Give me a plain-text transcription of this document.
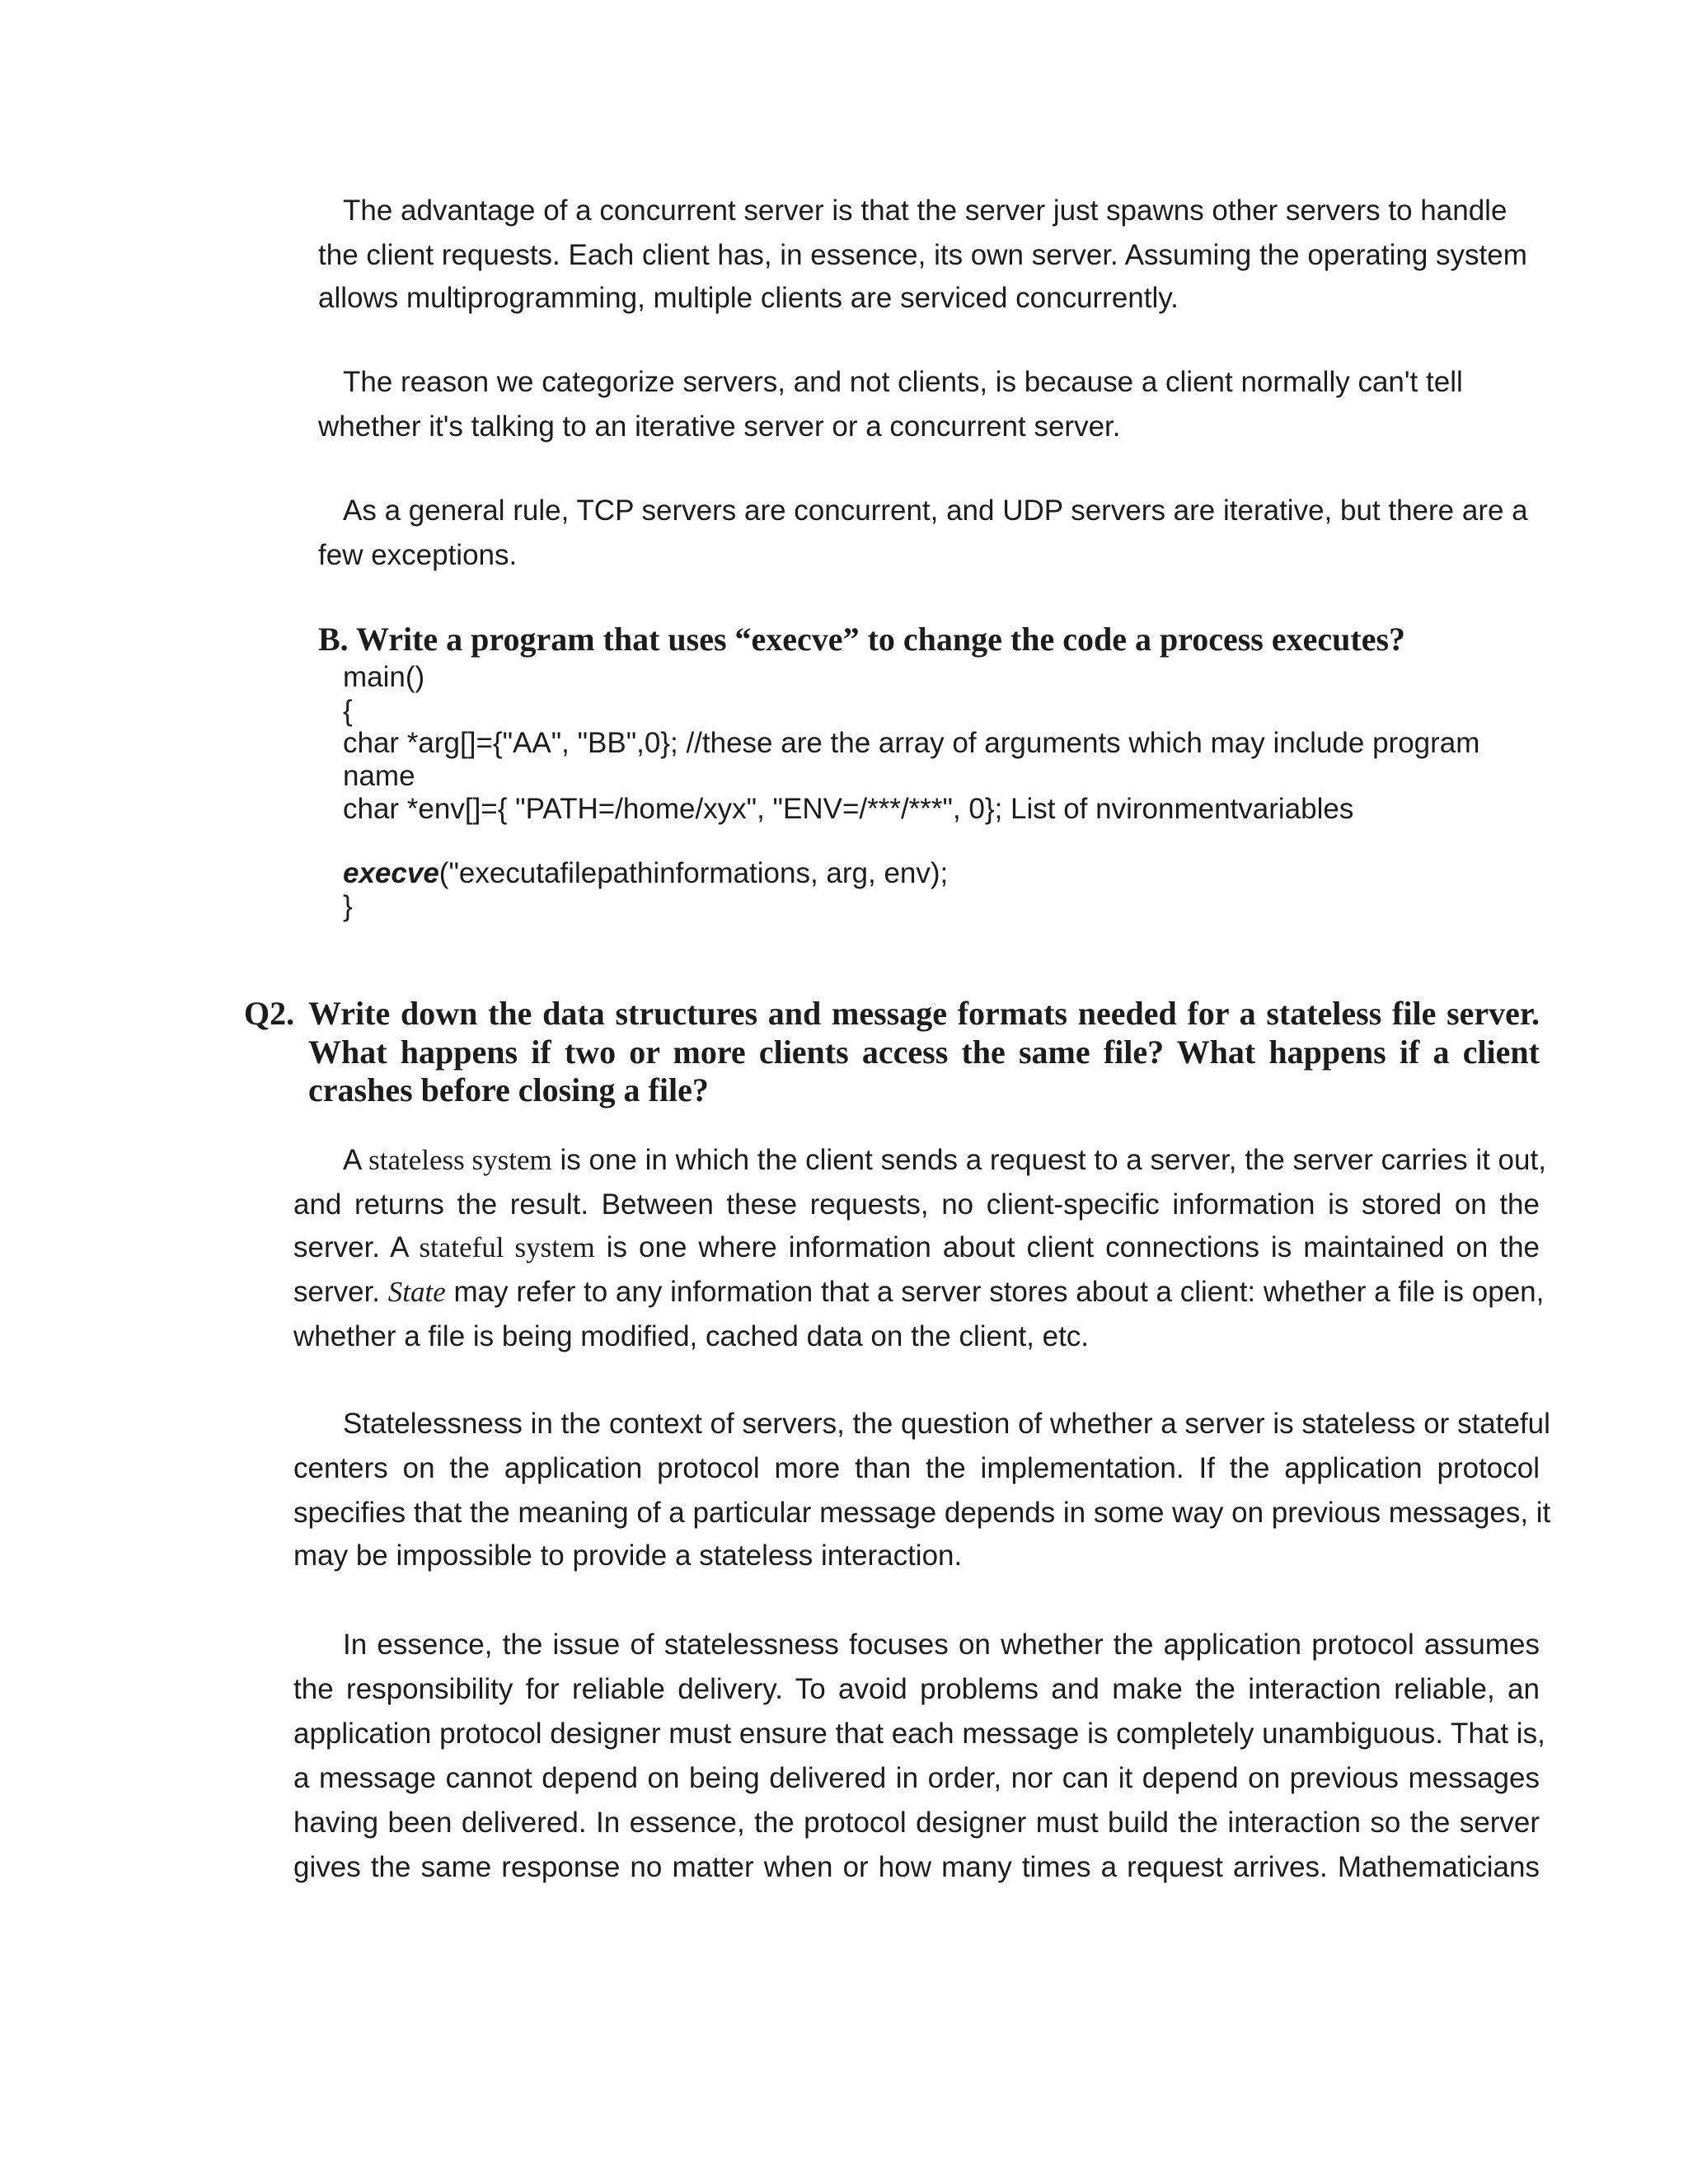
The advantage of a concurrent server is that the server just spawns other servers to handle
the client requests. Each client has, in essence, its own server. Assuming the operating system
allows multiprogramming, multiple clients are serviced concurrently.
The reason we categorize servers, and not clients, is because a client normally can't tell
whether it's talking to an iterative server or a concurrent server.
As a general rule, TCP servers are concurrent, and UDP servers are iterative, but there are a
few exceptions.
B. Write a program that uses “execve” to change the code a process executes?
main()
{
char *arg[]={"AA", "BB",0}; //these are the array of arguments which may include program
name
char *env[]={ "PATH=/home/xyx", "ENV=/***/***", 0}; List of nvironmentvariables
execve("executafilepathinformations, arg, env);
}
Q2. Write down the data structures and message formats needed for a stateless file server.
What happens if two or more clients access the same file? What happens if a client
crashes before closing a file?
A stateless system is one in which the client sends a request to a server, the server carries it out,
and returns the result. Between these requests, no client-specific information is stored on the
server. A stateful system is one where information about client connections is maintained on the
server. State may refer to any information that a server stores about a client: whether a file is open,
whether a file is being modified, cached data on the client, etc.
Statelessness in the context of servers, the question of whether a server is stateless or stateful
centers on the application protocol more than the implementation. If the application protocol
specifies that the meaning of a particular message depends in some way on previous messages, it
may be impossible to provide a stateless interaction.
In essence, the issue of statelessness focuses on whether the application protocol assumes
the responsibility for reliable delivery. To avoid problems and make the interaction reliable, an
application protocol designer must ensure that each message is completely unambiguous. That is,
a message cannot depend on being delivered in order, nor can it depend on previous messages
having been delivered. In essence, the protocol designer must build the interaction so the server
gives the same response no matter when or how many times a request arrives. Mathematicians
